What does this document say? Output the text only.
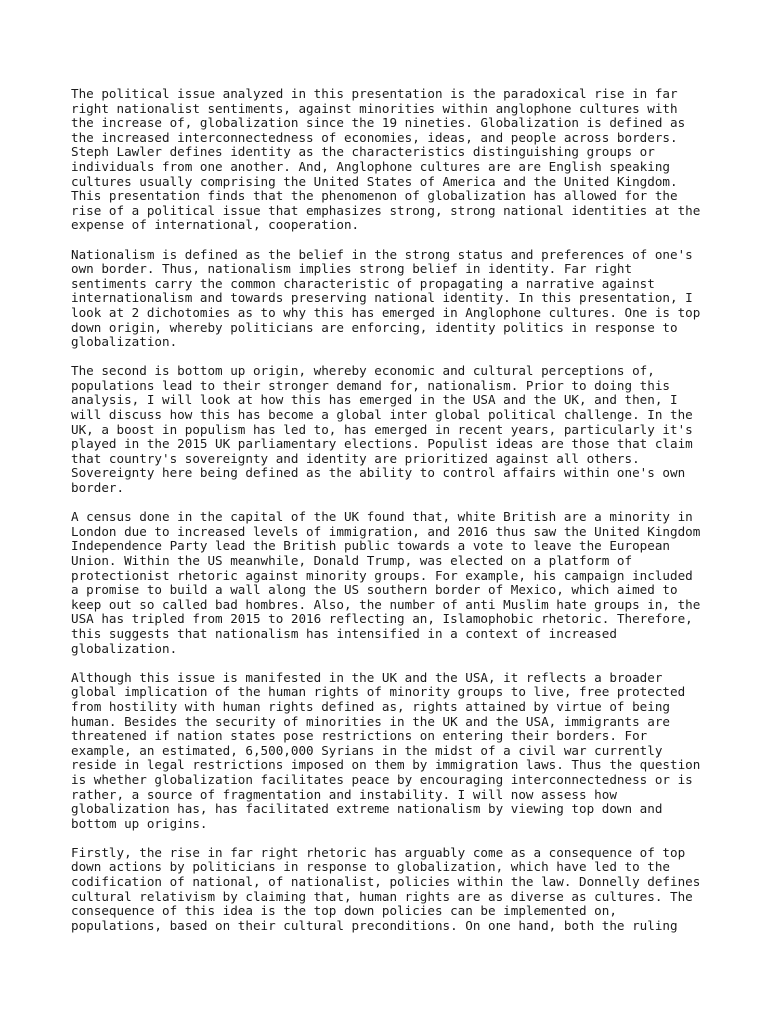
The political issue analyzed in this presentation is the paradoxical rise in far
right nationalist sentiments, against minorities within anglophone cultures with
the increase of, globalization since the 19 nineties. Globalization is defined as
the increased interconnectedness of economies, ideas, and people across borders.
Steph Lawler defines identity as the characteristics distinguishing groups or
individuals from one another. And, Anglophone cultures are are English speaking
cultures usually comprising the United States of America and the United Kingdom.
This presentation finds that the phenomenon of globalization has allowed for the
rise of a political issue that emphasizes strong, strong national identities at the
expense of international, cooperation.

Nationalism is defined as the belief in the strong status and preferences of one's
own border. Thus, nationalism implies strong belief in identity. Far right
sentiments carry the common characteristic of propagating a narrative against
internationalism and towards preserving national identity. In this presentation, I
look at 2 dichotomies as to why this has emerged in Anglophone cultures. One is top
down origin, whereby politicians are enforcing, identity politics in response to
globalization.

The second is bottom up origin, whereby economic and cultural perceptions of,
populations lead to their stronger demand for, nationalism. Prior to doing this
analysis, I will look at how this has emerged in the USA and the UK, and then, I
will discuss how this has become a global inter global political challenge. In the
UK, a boost in populism has led to, has emerged in recent years, particularly it's
played in the 2015 UK parliamentary elections. Populist ideas are those that claim
that country's sovereignty and identity are prioritized against all others.
Sovereignty here being defined as the ability to control affairs within one's own
border.

A census done in the capital of the UK found that, white British are a minority in
London due to increased levels of immigration, and 2016 thus saw the United Kingdom
Independence Party lead the British public towards a vote to leave the European
Union. Within the US meanwhile, Donald Trump, was elected on a platform of
protectionist rhetoric against minority groups. For example, his campaign included
a promise to build a wall along the US southern border of Mexico, which aimed to
keep out so called bad hombres. Also, the number of anti Muslim hate groups in, the
USA has tripled from 2015 to 2016 reflecting an, Islamophobic rhetoric. Therefore,
this suggests that nationalism has intensified in a context of increased
globalization.

Although this issue is manifested in the UK and the USA, it reflects a broader
global implication of the human rights of minority groups to live, free protected
from hostility with human rights defined as, rights attained by virtue of being
human. Besides the security of minorities in the UK and the USA, immigrants are
threatened if nation states pose restrictions on entering their borders. For
example, an estimated, 6,500,000 Syrians in the midst of a civil war currently
reside in legal restrictions imposed on them by immigration laws. Thus the question
is whether globalization facilitates peace by encouraging interconnectedness or is
rather, a source of fragmentation and instability. I will now assess how
globalization has, has facilitated extreme nationalism by viewing top down and
bottom up origins.

Firstly, the rise in far right rhetoric has arguably come as a consequence of top
down actions by politicians in response to globalization, which have led to the
codification of national, of nationalist, policies within the law. Donnelly defines
cultural relativism by claiming that, human rights are as diverse as cultures. The
consequence of this idea is the top down policies can be implemented on,
populations, based on their cultural preconditions. On one hand, both the ruling
